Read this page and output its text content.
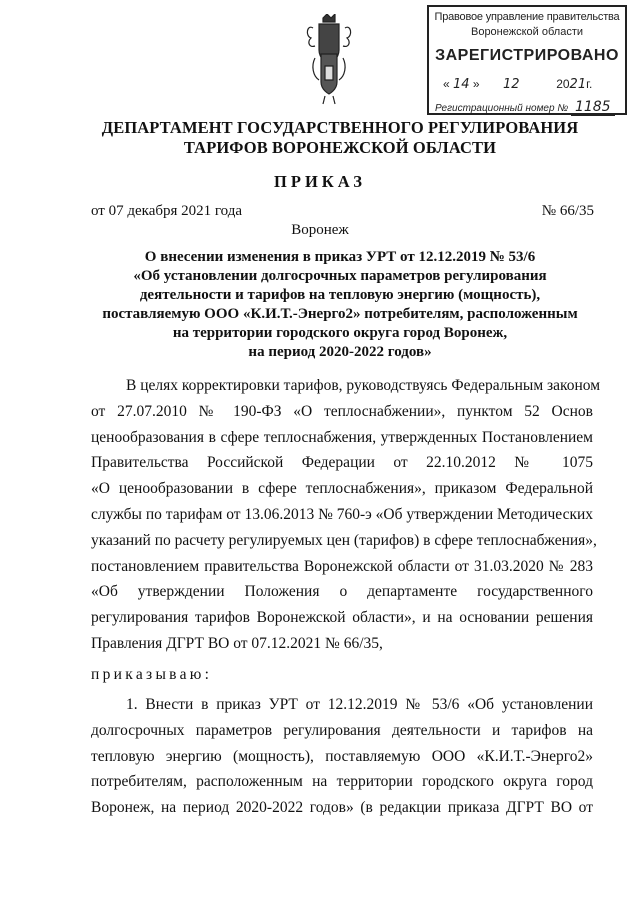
Правовое управление правительства
Воронежской области
ЗАРЕГИСТРИРОВАНО
« 14 » 12	2021г.
Регистрационный номер № 1185
ДЕПАРТАМЕНТ ГОСУДАРСТВЕННОГО РЕГУЛИРОВАНИЯ ТАРИФОВ ВОРОНЕЖСКОЙ ОБЛАСТИ
ПРИКАЗ
от 07 декабря 2021 года	№ 66/35
Воронеж
О внесении изменения в приказ УРТ от 12.12.2019 № 53/6
«Об установлении долгосрочных параметров регулирования
деятельности и тарифов на тепловую энергию (мощность),
поставляемую ООО «К.И.Т.-Энерго2» потребителям, расположенным
на территории городского округа город Воронеж,
на период 2020-2022 годов»
В целях корректировки тарифов, руководствуясь Федеральным законом
от 27.07.2010 № 190-ФЗ «О теплоснабжении», пунктом 52 Основ
ценообразования в сфере теплоснабжения, утвержденных Постановлением
Правительства Российской Федерации от 22.10.2012 № 1075
«О ценообразовании в сфере теплоснабжения», приказом Федеральной
службы по тарифам от 13.06.2013 № 760-э «Об утверждении Методических
указаний по расчету регулируемых цен (тарифов) в сфере теплоснабжения»,
постановлением правительства Воронежской области от 31.03.2020 № 283
«Об утверждении Положения о департаменте государственного
регулирования тарифов Воронежской области», и на основании решения
Правления ДГРТ ВО от 07.12.2021 № 66/35,
приказываю:
1. Внести в приказ УРТ от 12.12.2019 № 53/6 «Об установлении
долгосрочных параметров регулирования деятельности и тарифов на
тепловую энергию (мощность), поставляемую ООО «К.И.Т.-Энерго2»
потребителям, расположенным на территории городского округа город
Воронеж, на период 2020-2022 годов» (в редакции приказа ДГРТ ВО от
